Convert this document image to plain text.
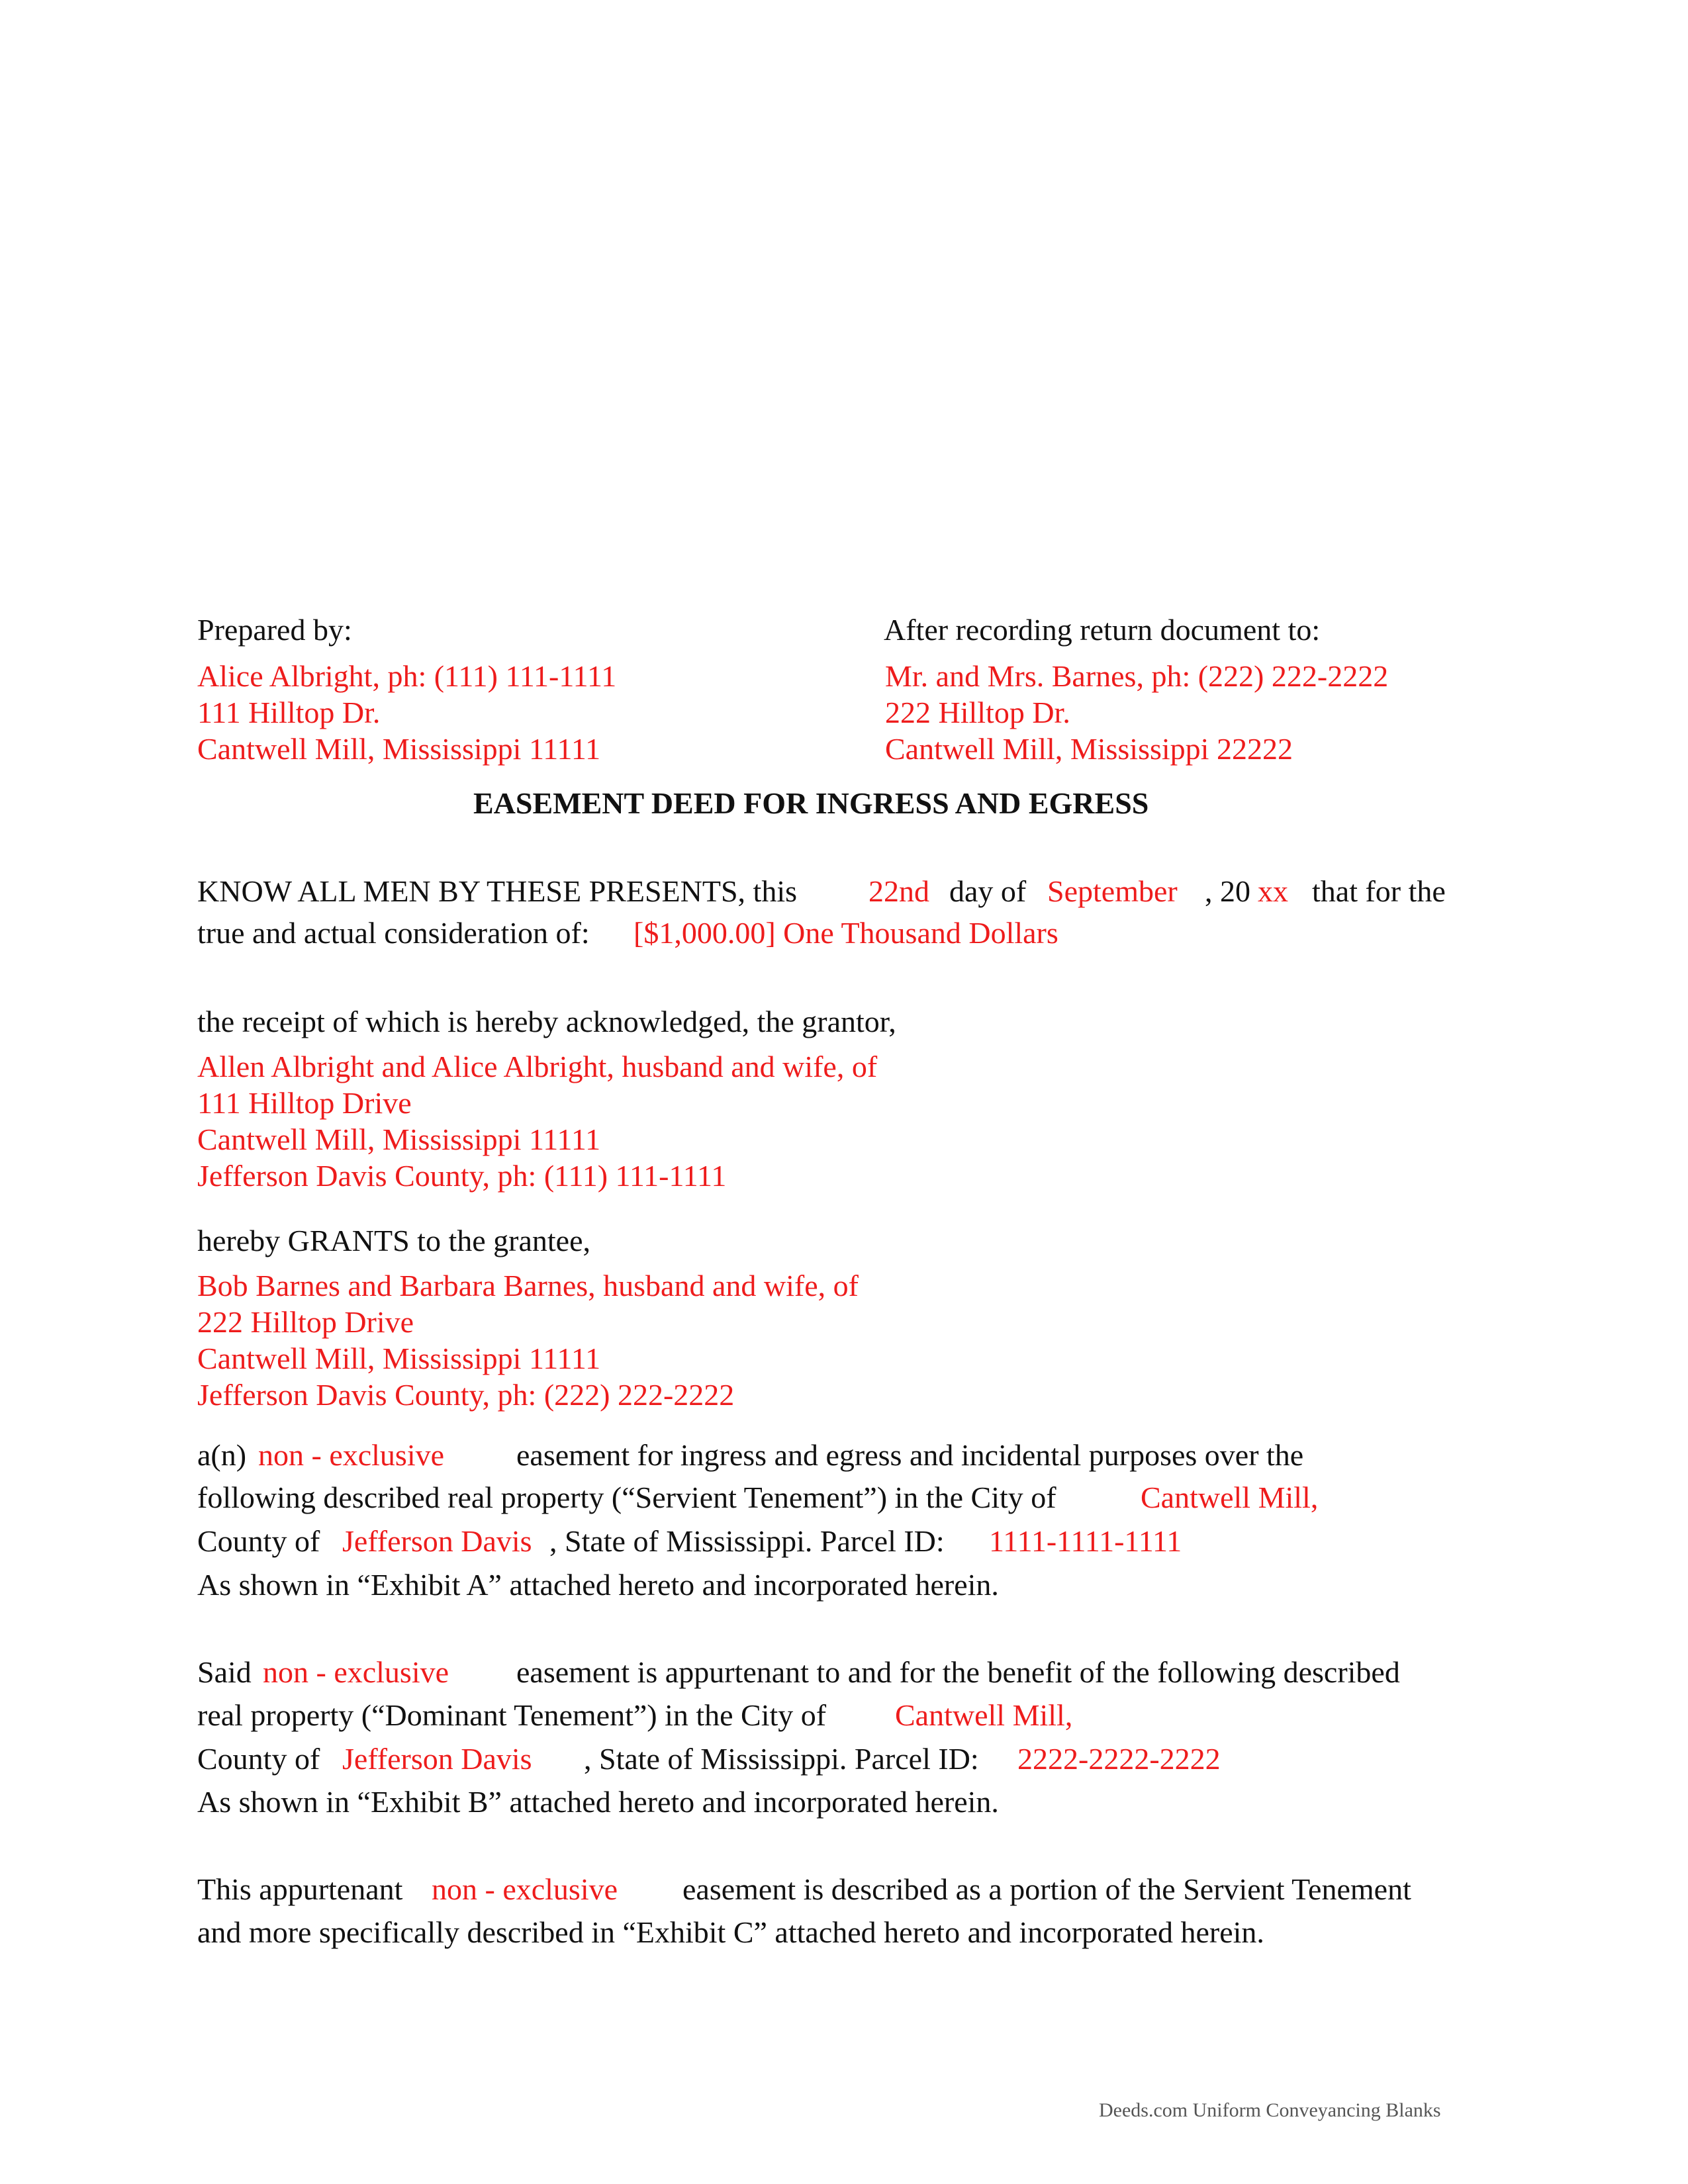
Prepared by:
Alice Albright, ph: (111) 111-1111
111 Hilltop Dr.
Cantwell Mill, Mississippi 11111
After recording return document to:
Mr. and Mrs. Barnes, ph: (222) 222-2222
222 Hilltop Dr.
Cantwell Mill, Mississippi 22222
EASEMENT DEED FOR INGRESS AND EGRESS
KNOW ALL MEN BY THESE PRESENTS, this 22nd day of September , 20 xx that for the
true and actual consideration of: [$1,000.00] One Thousand Dollars
the receipt of which is hereby acknowledged, the grantor,
Allen Albright and Alice Albright, husband and wife, of
111 Hilltop Drive
Cantwell Mill, Mississippi 11111
Jefferson Davis County, ph: (111) 111-1111
hereby GRANTS to the grantee,
Bob Barnes and Barbara Barnes, husband and wife, of
222 Hilltop Drive
Cantwell Mill, Mississippi 11111
Jefferson Davis County, ph: (222) 222-2222
a(n) non - exclusive easement for ingress and egress and incidental purposes over the
following described real property (“Servient Tenement”) in the City of	Cantwell Mill,
County of Jefferson Davis , State of Mississippi. Parcel ID: 1111-1111-1111
As shown in “Exhibit A” attached hereto and incorporated herein.
Said non - exclusive easement is appurtenant to and for the benefit of the following described
real property (“Dominant Tenement”) in the City of Cantwell Mill,
County of Jefferson Davis , State of Mississippi. Parcel ID: 2222-2222-2222
As shown in “Exhibit B” attached hereto and incorporated herein.
This appurtenant non - exclusive easement is described as a portion of the Servient Tenement
and more specifically described in “Exhibit C” attached hereto and incorporated herein.
Deeds.com Uniform Conveyancing Blanks
